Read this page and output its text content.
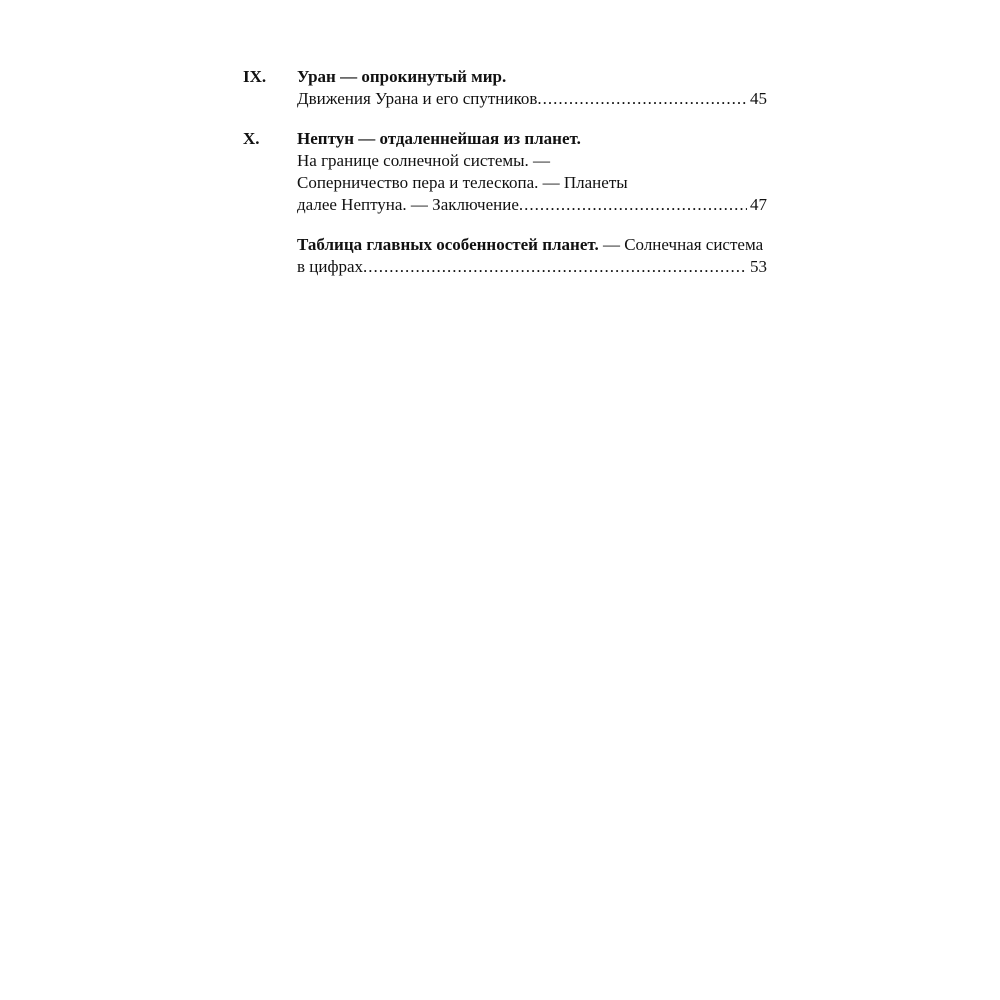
IX. Уран — опрокинутый мир.
Движения Урана и его спутников .....	45
X. Нептун — отдаленнейшая из планет.
На границе солнечной системы. —
Соперничество пера и телескопа. — Планеты
далее Нептуна. — Заключение .....	47
Таблица главных особенностей планет. — Солнечная система
в цифрах .....	53
